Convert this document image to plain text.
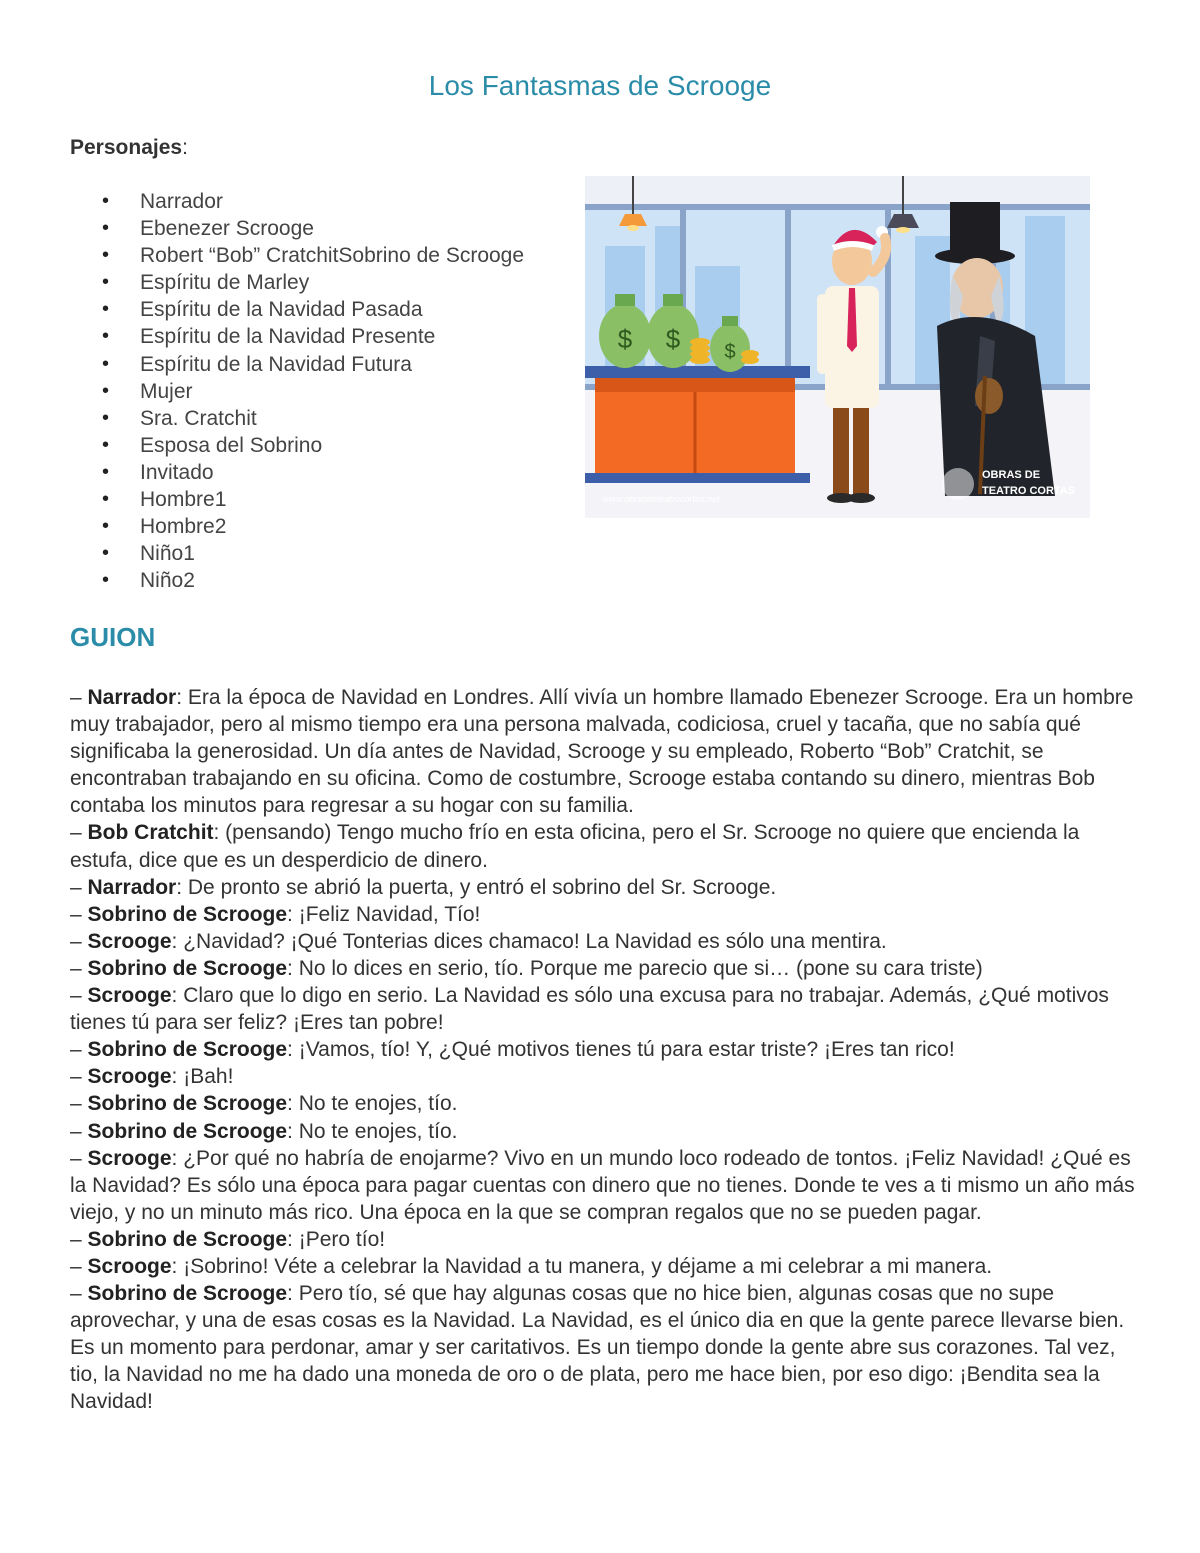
Los Fantasmas de Scrooge
Personajes:
• Narrador
• Ebenezer Scrooge
• Robert “Bob” CratchitSobrino de Scrooge
• Espíritu de Marley
• Espíritu de la Navidad Pasada
• Espíritu de la Navidad Presente
• Espíritu de la Navidad Futura
• Mujer
• Sra. Cratchit
• Esposa del Sobrino
• Invitado
• Hombre1
• Hombre2
• Niño1
• Niño2
$ $ $
www.obrasdeteatrocortas.net
OBRAS DE
TEATRO CORTAS
GUION

– Narrador: Era la época de Navidad en Londres. Allí vivía un hombre llamado Ebenezer Scrooge. Era un hombre muy trabajador, pero al mismo tiempo era una persona malvada, codiciosa, cruel y tacaña, que no sabía qué significaba la generosidad. Un día antes de Navidad, Scrooge y su empleado, Roberto “Bob” Cratchit, se encontraban trabajando en su oficina. Como de costumbre, Scrooge estaba contando su dinero, mientras Bob contaba los minutos para regresar a su hogar con su familia.

– Bob Cratchit: (pensando) Tengo mucho frío en esta oficina, pero el Sr. Scrooge no quiere que encienda la estufa, dice que es un desperdicio de dinero.

– Narrador: De pronto se abrió la puerta, y entró el sobrino del Sr. Scrooge.

– Sobrino de Scrooge: ¡Feliz Navidad, Tío!

– Scrooge: ¿Navidad? ¡Qué Tonterias dices chamaco! La Navidad es sólo una mentira.

– Sobrino de Scrooge: No lo dices en serio, tío. Porque me parecio que si… (pone su cara triste)

– Scrooge: Claro que lo digo en serio. La Navidad es sólo una excusa para no trabajar. Además, ¿Qué motivos tienes tú para ser feliz? ¡Eres tan pobre!

– Sobrino de Scrooge: ¡Vamos, tío! Y, ¿Qué motivos tienes tú para estar triste? ¡Eres tan rico!

– Scrooge: ¡Bah!

– Sobrino de Scrooge: No te enojes, tío.

– Sobrino de Scrooge: No te enojes, tío.

– Scrooge: ¿Por qué no habría de enojarme? Vivo en un mundo loco rodeado de tontos. ¡Feliz Navidad! ¿Qué es la Navidad? Es sólo una época para pagar cuentas con dinero que no tienes. Donde te ves a ti mismo un año más viejo, y no un minuto más rico. Una época en la que se compran regalos que no se pueden pagar.

– Sobrino de Scrooge: ¡Pero tío!

– Scrooge: ¡Sobrino! Véte a celebrar la Navidad a tu manera, y déjame a mi celebrar a mi manera.

– Sobrino de Scrooge: Pero tío, sé que hay algunas cosas que no hice bien, algunas cosas que no supe aprovechar, y una de esas cosas es la Navidad. La Navidad, es el único dia en que la gente parece llevarse bien. Es un momento para perdonar, amar y ser caritativos. Es un tiempo donde la gente abre sus corazones. Tal vez, tio, la Navidad no me ha dado una moneda de oro o de plata, pero me hace bien, por eso digo: ¡Bendita sea la Navidad!
